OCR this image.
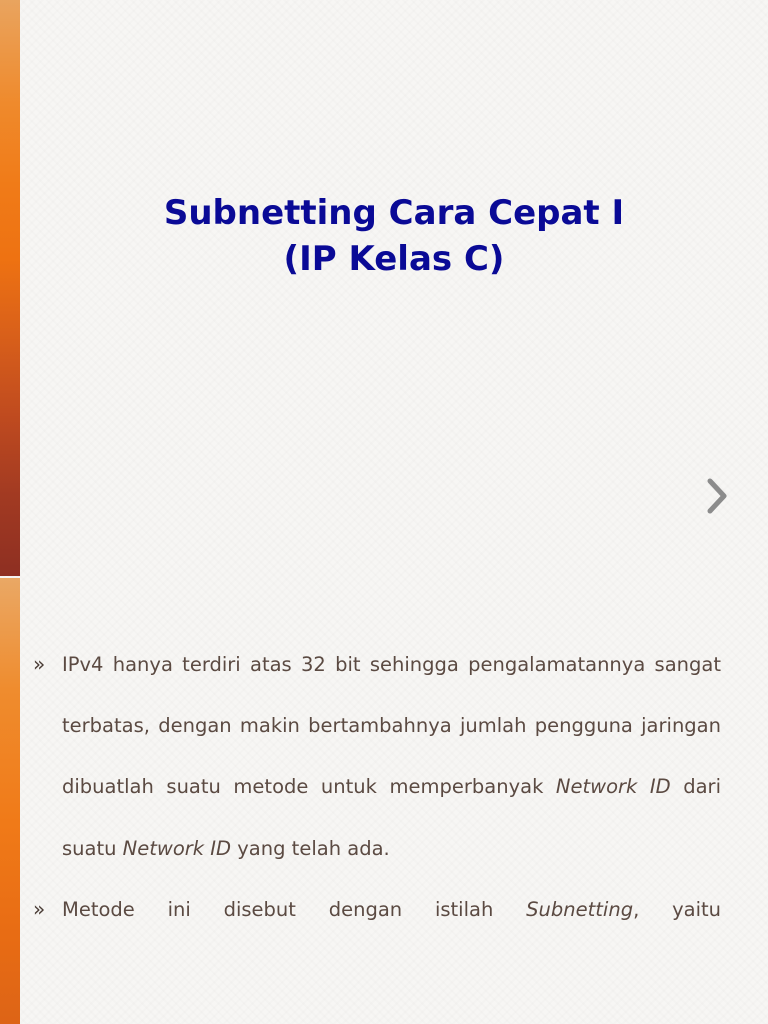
Subnetting Cara Cepat I
(IP Kelas C)
» IPv4 hanya terdiri atas 32 bit sehingga pengalamatannya sangat terbatas, dengan makin bertambahnya jumlah pengguna jaringan dibuatlah suatu metode untuk memperbanyak Network ID dari suatu Network ID yang telah ada.
» Metode ini disebut dengan istilah Subnetting, yaitu
